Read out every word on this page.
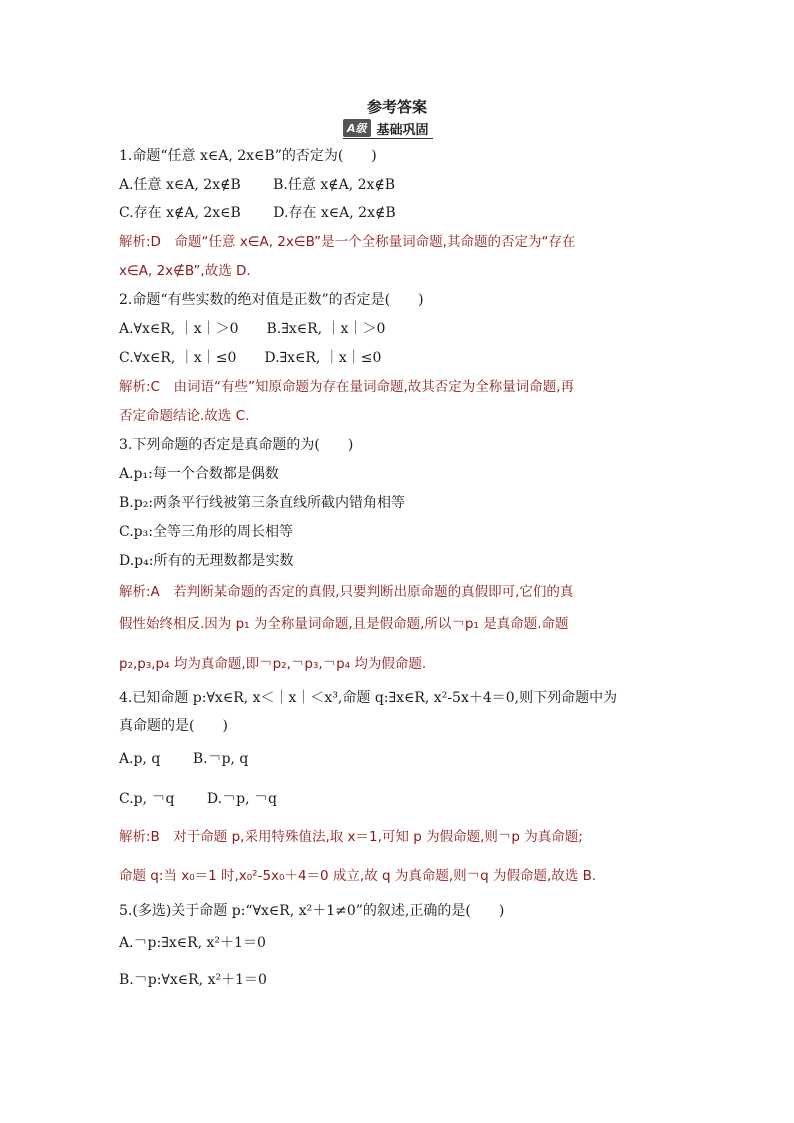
参考答案
A级 基础巩固
1.命题“任意 x∈A, 2x∈B”的否定为(　　)
A.任意 x∈A, 2x∉B　　 B.任意 x∉A, 2x∉B
C.存在 x∉A, 2x∈B　　 D.存在 x∈A, 2x∉B
解析:D　命题“任意 x∈A, 2x∈B”是一个全称量词命题,其命题的否定为“存在
x∈A, 2x∉B”,故选 D.
2.命题“有些实数的绝对值是正数”的否定是(　　)
A.∀x∈R, ｜x｜＞0　　B.∃x∈R, ｜x｜＞0
C.∀x∈R, ｜x｜≤0　　D.∃x∈R, ｜x｜≤0
解析:C　由词语“有些”知原命题为存在量词命题,故其否定为全称量词命题,再
否定命题结论.故选 C.
3.下列命题的否定是真命题的为(　　)
A.p₁:每一个合数都是偶数
B.p₂:两条平行线被第三条直线所截内错角相等
C.p₃:全等三角形的周长相等
D.p₄:所有的无理数都是实数
解析:A　若判断某命题的否定的真假,只要判断出原命题的真假即可,它们的真
假性始终相反.因为 p₁ 为全称量词命题,且是假命题,所以￢p₁ 是真命题.命题
p₂,p₃,p₄ 均为真命题,即￢p₂,￢p₃,￢p₄ 均为假命题.
4.已知命题 p:∀x∈R, x＜｜x｜＜x³,命题 q:∃x∈R, x²-5x＋4＝0,则下列命题中为
真命题的是(　　)
A.p, q　　 B.￢p, q
C.p, ￢q　　 D.￢p, ￢q
解析:B　对于命题 p,采用特殊值法,取 x＝1,可知 p 为假命题,则￢p 为真命题;
命题 q:当 x₀＝1 时,x₀²-5x₀＋4＝0 成立,故 q 为真命题,则￢q 为假命题,故选 B.
5.(多选)关于命题 p:“∀x∈R, x²＋1≠0”的叙述,正确的是(　　)
A.￢p:∃x∈R, x²＋1＝0
B.￢p:∀x∈R, x²＋1＝0
